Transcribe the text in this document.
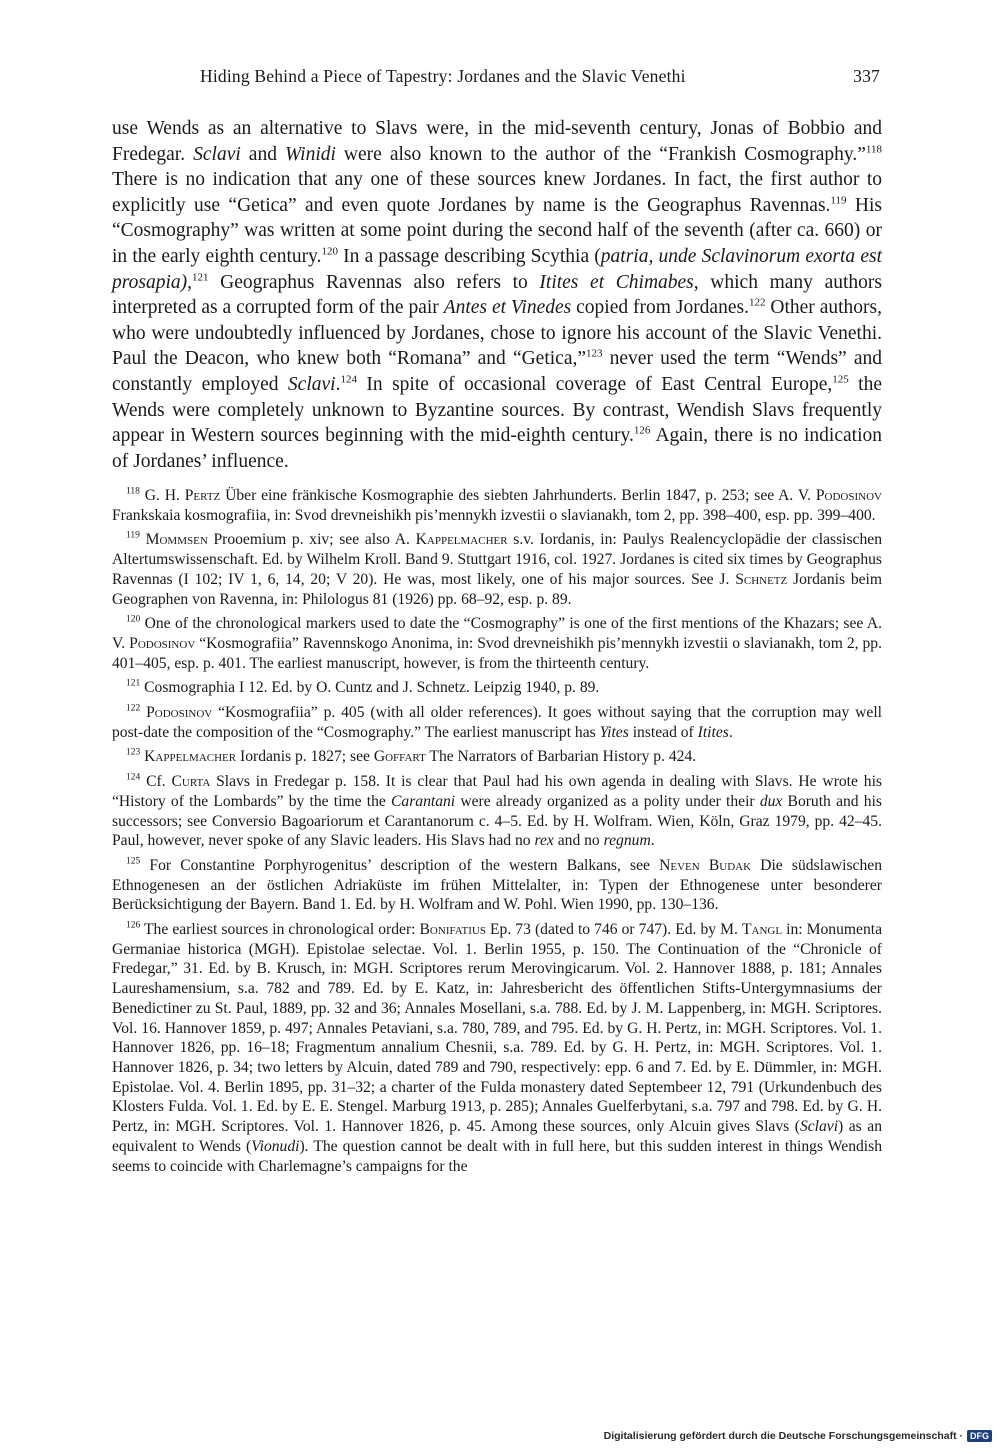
Hiding Behind a Piece of Tapestry: Jordanes and the Slavic Venethi	337

use Wends as an alternative to Slavs were, in the mid-seventh century, Jonas of Bobbio and Fredegar. Sclavi and Winidi were also known to the author of the “Frankish Cosmography.”$^{118}$ There is no indication that any one of these sources knew Jordanes. In fact, the first author to explicitly use “Getica” and even quote Jordanes by name is the Geographus Ravennas.$^{119}$ His “Cosmography” was written at some point during the second half of the seventh (after ca. 660) or in the early eighth century.$^{120}$ In a passage describing Scythia (patria, unde Sclavinorum exorta est prosapia),$^{121}$ Geographus Ravennas also refers to Itites et Chimabes, which many authors interpreted as a corrupted form of the pair Antes et Vinedes copied from Jordanes.$^{122}$ Other authors, who were undoubtedly influenced by Jordanes, chose to ignore his account of the Slavic Venethi. Paul the Deacon, who knew both “Romana” and “Getica,”$^{123}$ never used the term “Wends” and constantly employed Sclavi.$^{124}$ In spite of occasional coverage of East Central Europe,$^{125}$ the Wends were completely unknown to Byzantine sources. By contrast, Wendish Slavs frequently appear in Western sources beginning with the mid-eighth century.$^{126}$ Again, there is no indication of Jordanes’ influence.

$^{118}$ G. H. Pertz Über eine fränkische Kosmographie des siebten Jahrhunderts. Berlin 1847, p. 253; see A. V. Podosinov Frankskaia kosmografiia, in: Svod drevneishikh pis’mennykh izvestii o slavianakh, tom 2, pp. 398–400, esp. pp. 399–400.

$^{119}$ Mommsen Prooemium p. xiv; see also A. Kappelmacher s.v. Iordanis, in: Paulys Realencyclopädie der classischen Altertumswissenschaft. Ed. by Wilhelm Kroll. Band 9. Stuttgart 1916, col. 1927. Jordanes is cited six times by Geographus Ravennas (I 102; IV 1, 6, 14, 20; V 20). He was, most likely, one of his major sources. See J. Schnetz Jordanis beim Geographen von Ravenna, in: Philologus 81 (1926) pp. 68–92, esp. p. 89.

$^{120}$ One of the chronological markers used to date the “Cosmography” is one of the first mentions of the Khazars; see A. V. Podosinov “Kosmografiia” Ravennskogo Anonima, in: Svod drevneishikh pis’mennykh izvestii o slavianakh, tom 2, pp. 401–405, esp. p. 401. The earliest manuscript, however, is from the thirteenth century.

$^{121}$ Cosmographia I 12. Ed. by O. Cuntz and J. Schnetz. Leipzig 1940, p. 89.

$^{122}$ Podosinov “Kosmografiia” p. 405 (with all older references). It goes without saying that the corruption may well post-date the composition of the “Cosmography.” The earliest manuscript has Yites instead of Itites.

$^{123}$ Kappelmacher Iordanis p. 1827; see Goffart The Narrators of Barbarian History p. 424.

$^{124}$ Cf. Curta Slavs in Fredegar p. 158. It is clear that Paul had his own agenda in dealing with Slavs. He wrote his “History of the Lombards” by the time the Carantani were already organized as a polity under their dux Boruth and his successors; see Conversio Bagoariorum et Carantanorum c. 4–5. Ed. by H. Wolfram. Wien, Köln, Graz 1979, pp. 42–45. Paul, however, never spoke of any Slavic leaders. His Slavs had no rex and no regnum.

$^{125}$ For Constantine Porphyrogenitus’ description of the western Balkans, see Neven Budak Die südslawischen Ethnogenesen an der östlichen Adriaküste im frühen Mittelalter, in: Typen der Ethnogenese unter besonderer Berücksichtigung der Bayern. Band 1. Ed. by H. Wolfram and W. Pohl. Wien 1990, pp. 130–136.

$^{126}$ The earliest sources in chronological order: Bonifatius Ep. 73 (dated to 746 or 747). Ed. by M. Tangl in: Monumenta Germaniae historica (MGH). Epistolae selectae. Vol. 1. Berlin 1955, p. 150. The Continuation of the “Chronicle of Fredegar,” 31. Ed. by B. Krusch, in: MGH. Scriptores rerum Merovingicarum. Vol. 2. Hannover 1888, p. 181; Annales Laureshamensium, s.a. 782 and 789. Ed. by E. Katz, in: Jahresbericht des öffentlichen Stifts-Untergymnasiums der Benedictiner zu St. Paul, 1889, pp. 32 and 36; Annales Mosellani, s.a. 788. Ed. by J. M. Lappenberg, in: MGH. Scriptores. Vol. 16. Hannover 1859, p. 497; Annales Petaviani, s.a. 780, 789, and 795. Ed. by G. H. Pertz, in: MGH. Scriptores. Vol. 1. Hannover 1826, pp. 16–18; Fragmentum annalium Chesnii, s.a. 789. Ed. by G. H. Pertz, in: MGH. Scriptores. Vol. 1. Hannover 1826, p. 34; two letters by Alcuin, dated 789 and 790, respectively: epp. 6 and 7. Ed. by E. Dümmler, in: MGH. Epistolae. Vol. 4. Berlin 1895, pp. 31–32; a charter of the Fulda monastery dated Septembeer 12, 791 (Urkundenbuch des Klosters Fulda. Vol. 1. Ed. by E. E. Stengel. Marburg 1913, p. 285); Annales Guelferbytani, s.a. 797 and 798. Ed. by G. H. Pertz, in: MGH. Scriptores. Vol. 1. Hannover 1826, p. 45. Among these sources, only Alcuin gives Slavs (Sclavi) as an equivalent to Wends (Vionudi). The question cannot be dealt with in full here, but this sudden interest in things Wendish seems to coincide with Charlemagne’s campaigns for the

Digitalisierung gefördert durch die Deutsche Forschungsgemeinschaft · DFG
